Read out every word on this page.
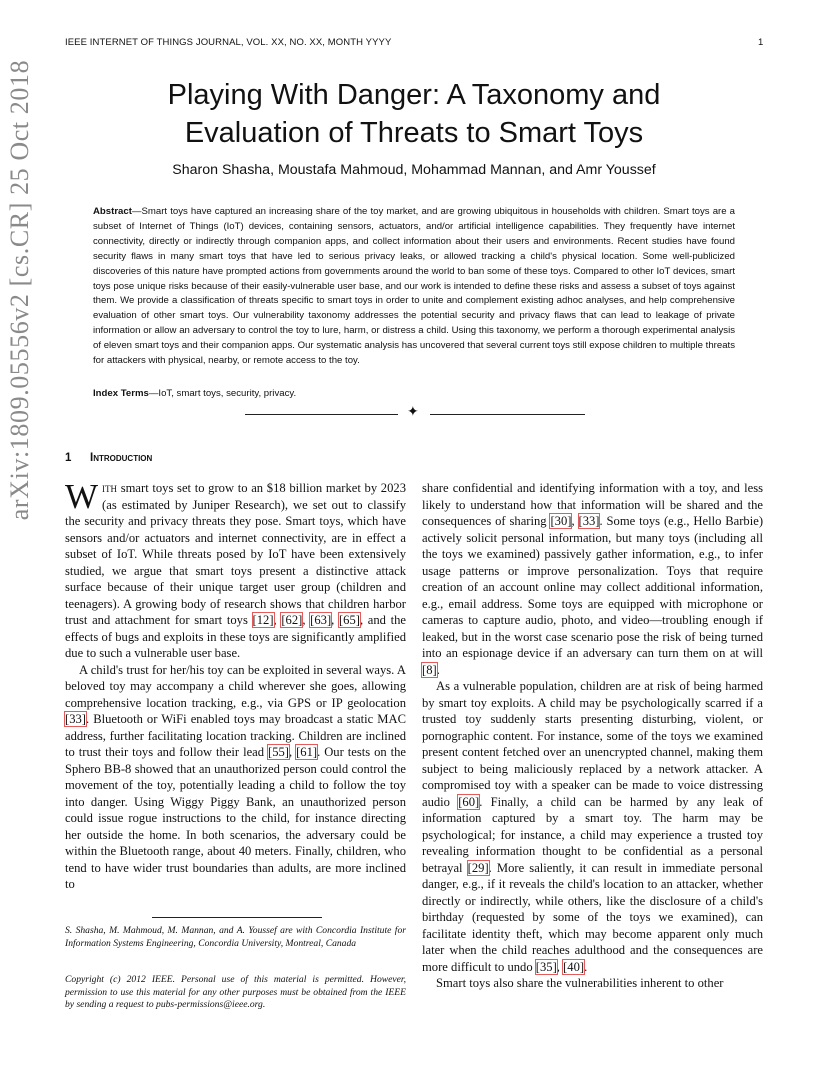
IEEE INTERNET OF THINGS JOURNAL, VOL. XX, NO. XX, MONTH YYYY	1
arXiv:1809.05556v2 [cs.CR] 25 Oct 2018	Playing With Danger: A Taxonomy and
Evaluation of Threats to Smart Toys
Sharon Shasha, Moustafa Mahmoud, Mohammad Mannan, and Amr Youssef
Abstract—Smart toys have captured an increasing share of the toy market, and are growing ubiquitous in households with children. Smart toys are a subset of Internet of Things (IoT) devices, containing sensors, actuators, and/or artificial intelligence capabilities. They frequently have internet connectivity, directly or indirectly through companion apps, and collect information about their users and environments. Recent studies have found security flaws in many smart toys that have led to serious privacy leaks, or allowed tracking a child's physical location. Some well-publicized discoveries of this nature have prompted actions from governments around the world to ban some of these toys. Compared to other IoT devices, smart toys pose unique risks because of their easily-vulnerable user base, and our work is intended to define these risks and assess a subset of toys against them. We provide a classification of threats specific to smart toys in order to unite and complement existing adhoc analyses, and help comprehensive evaluation of other smart toys. Our vulnerability taxonomy addresses the potential security and privacy flaws that can lead to leakage of private information or allow an adversary to control the toy to lure, harm, or distress a child. Using this taxonomy, we perform a thorough experimental analysis of eleven smart toys and their companion apps. Our systematic analysis has uncovered that several current toys still expose children to multiple threats for attackers with physical, nearby, or remote access to the toy.
Index Terms—IoT, smart toys, security, privacy.
✦
1 Introduction

With smart toys set to grow to an $18 billion market by 2023 (as estimated by Juniper Research), we set out to classify the security and privacy threats they pose. Smart toys, which have sensors and/or actuators and internet connectivity, are in effect a subset of IoT. While threats posed by IoT have been extensively studied, we argue that smart toys present a distinctive attack surface because of their unique target user group (children and teenagers). A growing body of research shows that children harbor trust and attachment for smart toys [12], [62], [63], [65], and the effects of bugs and exploits in these toys are significantly amplified due to such a vulnerable user base.

A child's trust for her/his toy can be exploited in several ways. A beloved toy may accompany a child wherever she goes, allowing comprehensive location tracking, e.g., via GPS or IP geolocation [33]. Bluetooth or WiFi enabled toys may broadcast a static MAC address, further facilitating location tracking. Children are inclined to trust their toys and follow their lead [55], [61]. Our tests on the Sphero BB-8 showed that an unauthorized person could control the movement of the toy, potentially leading a child to follow the toy into danger. Using Wiggy Piggy Bank, an unauthorized person could issue rogue instructions to the child, for instance directing her outside the home. In both scenarios, the adversary could be within the Bluetooth range, about 40 meters. Finally, children, who tend to have wider trust boundaries than adults, are more inclined to

S. Shasha, M. Mahmoud, M. Mannan, and A. Youssef are with Concordia Institute for Information Systems Engineering, Concordia University, Montreal, Canada
Copyright (c) 2012 IEEE. Personal use of this material is permitted. However, permission to use this material for any other purposes must be obtained from the IEEE by sending a request to pubs-permissions@ieee.org.

share confidential and identifying information with a toy, and less likely to understand how that information will be shared and the consequences of sharing [30], [33]. Some toys (e.g., Hello Barbie) actively solicit personal information, but many toys (including all the toys we examined) passively gather information, e.g., to infer usage patterns or improve personalization. Toys that require creation of an account online may collect additional information, e.g., email address. Some toys are equipped with microphone or cameras to capture audio, photo, and video—troubling enough if leaked, but in the worst case scenario pose the risk of being turned into an espionage device if an adversary can turn them on at will [8].

As a vulnerable population, children are at risk of being harmed by smart toy exploits. A child may be psychologically scarred if a trusted toy suddenly starts presenting disturbing, violent, or pornographic content. For instance, some of the toys we examined present content fetched over an unencrypted channel, making them subject to being maliciously replaced by a network attacker. A compromised toy with a speaker can be made to voice distressing audio [60]. Finally, a child can be harmed by any leak of information captured by a smart toy. The harm may be psychological; for instance, a child may experience a trusted toy revealing information thought to be confidential as a personal betrayal [29]. More saliently, it can result in immediate personal danger, e.g., if it reveals the child's location to an attacker, whether directly or indirectly, while others, like the disclosure of a child's birthday (requested by some of the toys we examined), can facilitate identity theft, which may become apparent only much later when the child reaches adulthood and the consequences are more difficult to undo [35], [40].

Smart toys also share the vulnerabilities inherent to other
